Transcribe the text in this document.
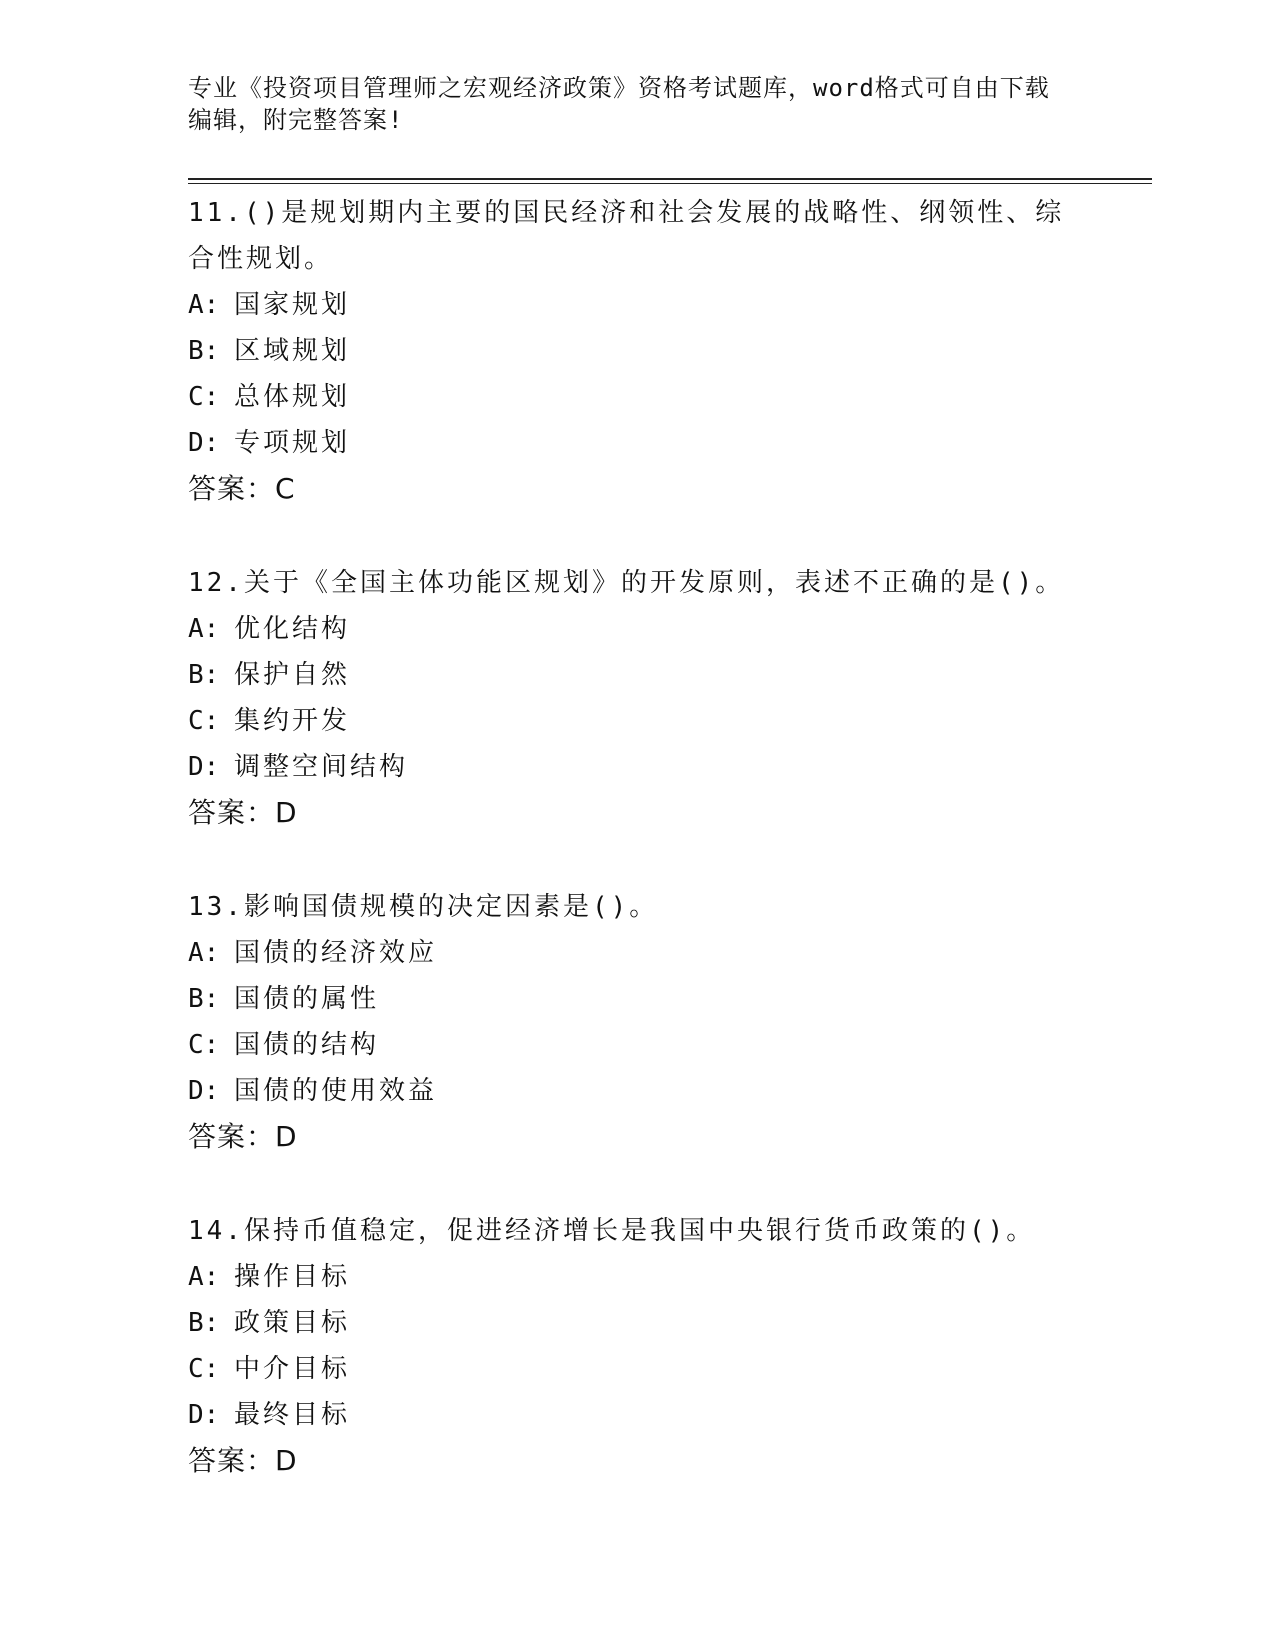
专业《投资项目管理师之宏观经济政策》资格考试题库，word格式可自由下载编辑，附完整答案!
11.()是规划期内主要的国民经济和社会发展的战略性、纲领性、综合性规划。
A: 国家规划
B: 区域规划
C: 总体规划
D: 专项规划
答案：C
12.关于《全国主体功能区规划》的开发原则，表述不正确的是()。
A: 优化结构
B: 保护自然
C: 集约开发
D: 调整空间结构
答案：D
13.影响国债规模的决定因素是()。
A: 国债的经济效应
B: 国债的属性
C: 国债的结构
D: 国债的使用效益
答案：D
14.保持币值稳定，促进经济增长是我国中央银行货币政策的()。
A: 操作目标
B: 政策目标
C: 中介目标
D: 最终目标
答案：D
